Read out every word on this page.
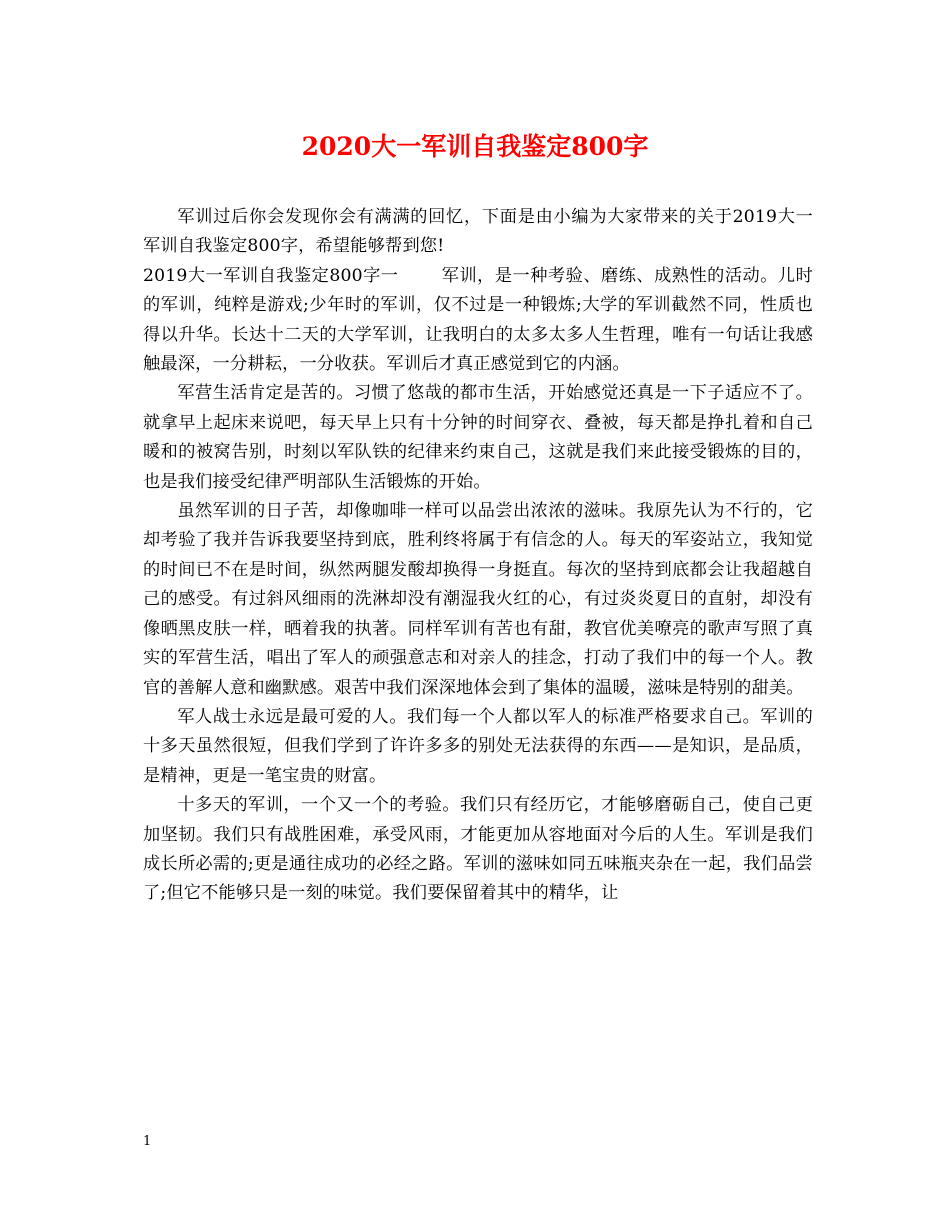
2020大一军训自我鉴定800字

军训过后你会发现你会有满满的回忆，下面是由小编为大家带来的关于2019大一军训自我鉴定800字，希望能够帮到您!

2019大一军训自我鉴定800字一	军训，是一种考验、磨练、成熟性的活动。儿时的军训，纯粹是游戏;少年时的军训，仅不过是一种锻炼;大学的军训截然不同，性质也得以升华。长达十二天的大学军训，让我明白的太多太多人生哲理，唯有一句话让我感触最深，一分耕耘，一分收获。军训后才真正感觉到它的内涵。

军营生活肯定是苦的。习惯了悠哉的都市生活，开始感觉还真是一下子适应不了。就拿早上起床来说吧，每天早上只有十分钟的时间穿衣、叠被，每天都是挣扎着和自己暖和的被窝告别，时刻以军队铁的纪律来约束自己，这就是我们来此接受锻炼的目的，也是我们接受纪律严明部队生活锻炼的开始。

虽然军训的日子苦，却像咖啡一样可以品尝出浓浓的滋味。我原先认为不行的，它却考验了我并告诉我要坚持到底，胜利终将属于有信念的人。每天的军姿站立，我知觉的时间已不在是时间，纵然两腿发酸却换得一身挺直。每次的坚持到底都会让我超越自己的感受。有过斜风细雨的洗淋却没有潮湿我火红的心，有过炎炎夏日的直射，却没有像晒黑皮肤一样，晒着我的执著。同样军训有苦也有甜，教官优美嘹亮的歌声写照了真实的军营生活，唱出了军人的顽强意志和对亲人的挂念，打动了我们中的每一个人。教官的善解人意和幽默感。艰苦中我们深深地体会到了集体的温暖，滋味是特别的甜美。

军人战士永远是最可爱的人。我们每一个人都以军人的标准严格要求自己。军训的十多天虽然很短，但我们学到了许许多多的别处无法获得的东西——是知识，是品质，是精神，更是一笔宝贵的财富。

十多天的军训，一个又一个的考验。我们只有经历它，才能够磨砺自己，使自己更加坚韧。我们只有战胜困难，承受风雨，才能更加从容地面对今后的人生。军训是我们成长所必需的;更是通往成功的必经之路。军训的滋味如同五味瓶夹杂在一起，我们品尝了;但它不能够只是一刻的味觉。我们要保留着其中的精华，让

1
